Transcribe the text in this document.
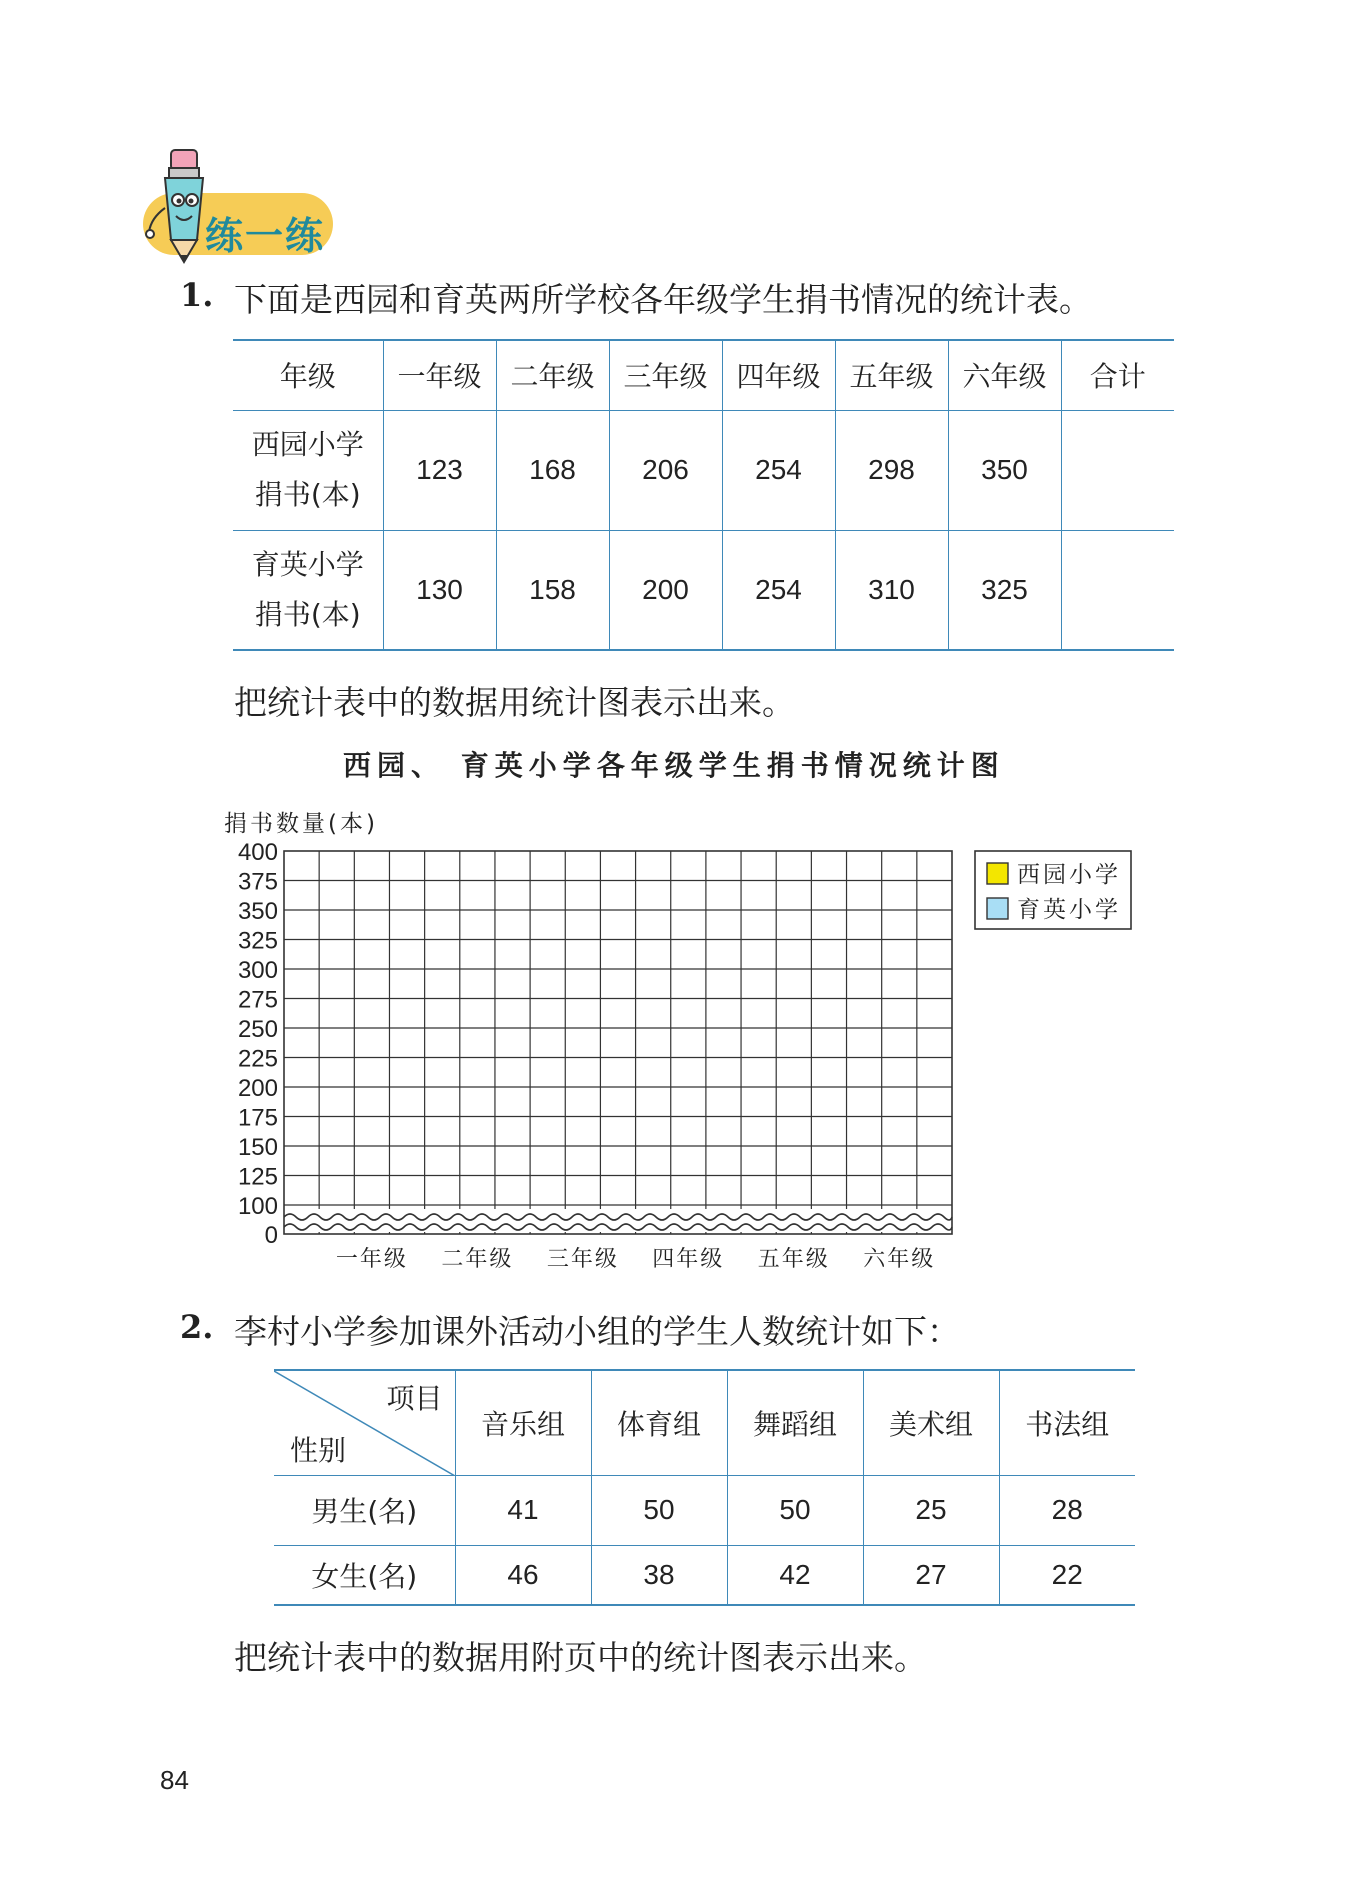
练一练
1. 下面是西园和育英两所学校各年级学生捐书情况的统计表。
年级	一年级	二年级	三年级	四年级	五年级	六年级	合计

西园小学
捐书(本)	123	168	206	254	298	350	

育英小学
捐书(本)	130	158	200	254	310	325	
把统计表中的数据用统计图表示出来。
西园、 育英小学各年级学生捐书情况统计图
捐书数量(本)
0
100
125
150
175
200
225
250
275
300
325
350
375
400
一年级 二年级 三年级 四年级 五年级 六年级
西园小学
育英小学
2. 李村小学参加课外活动小组的学生人数统计如下：
项目
性别	音乐组	体育组	舞蹈组	美术组	书法组
男生(名)	41	50	50	25	28
女生(名)	46	38	42	27	22
把统计表中的数据用附页中的统计图表示出来。
84
